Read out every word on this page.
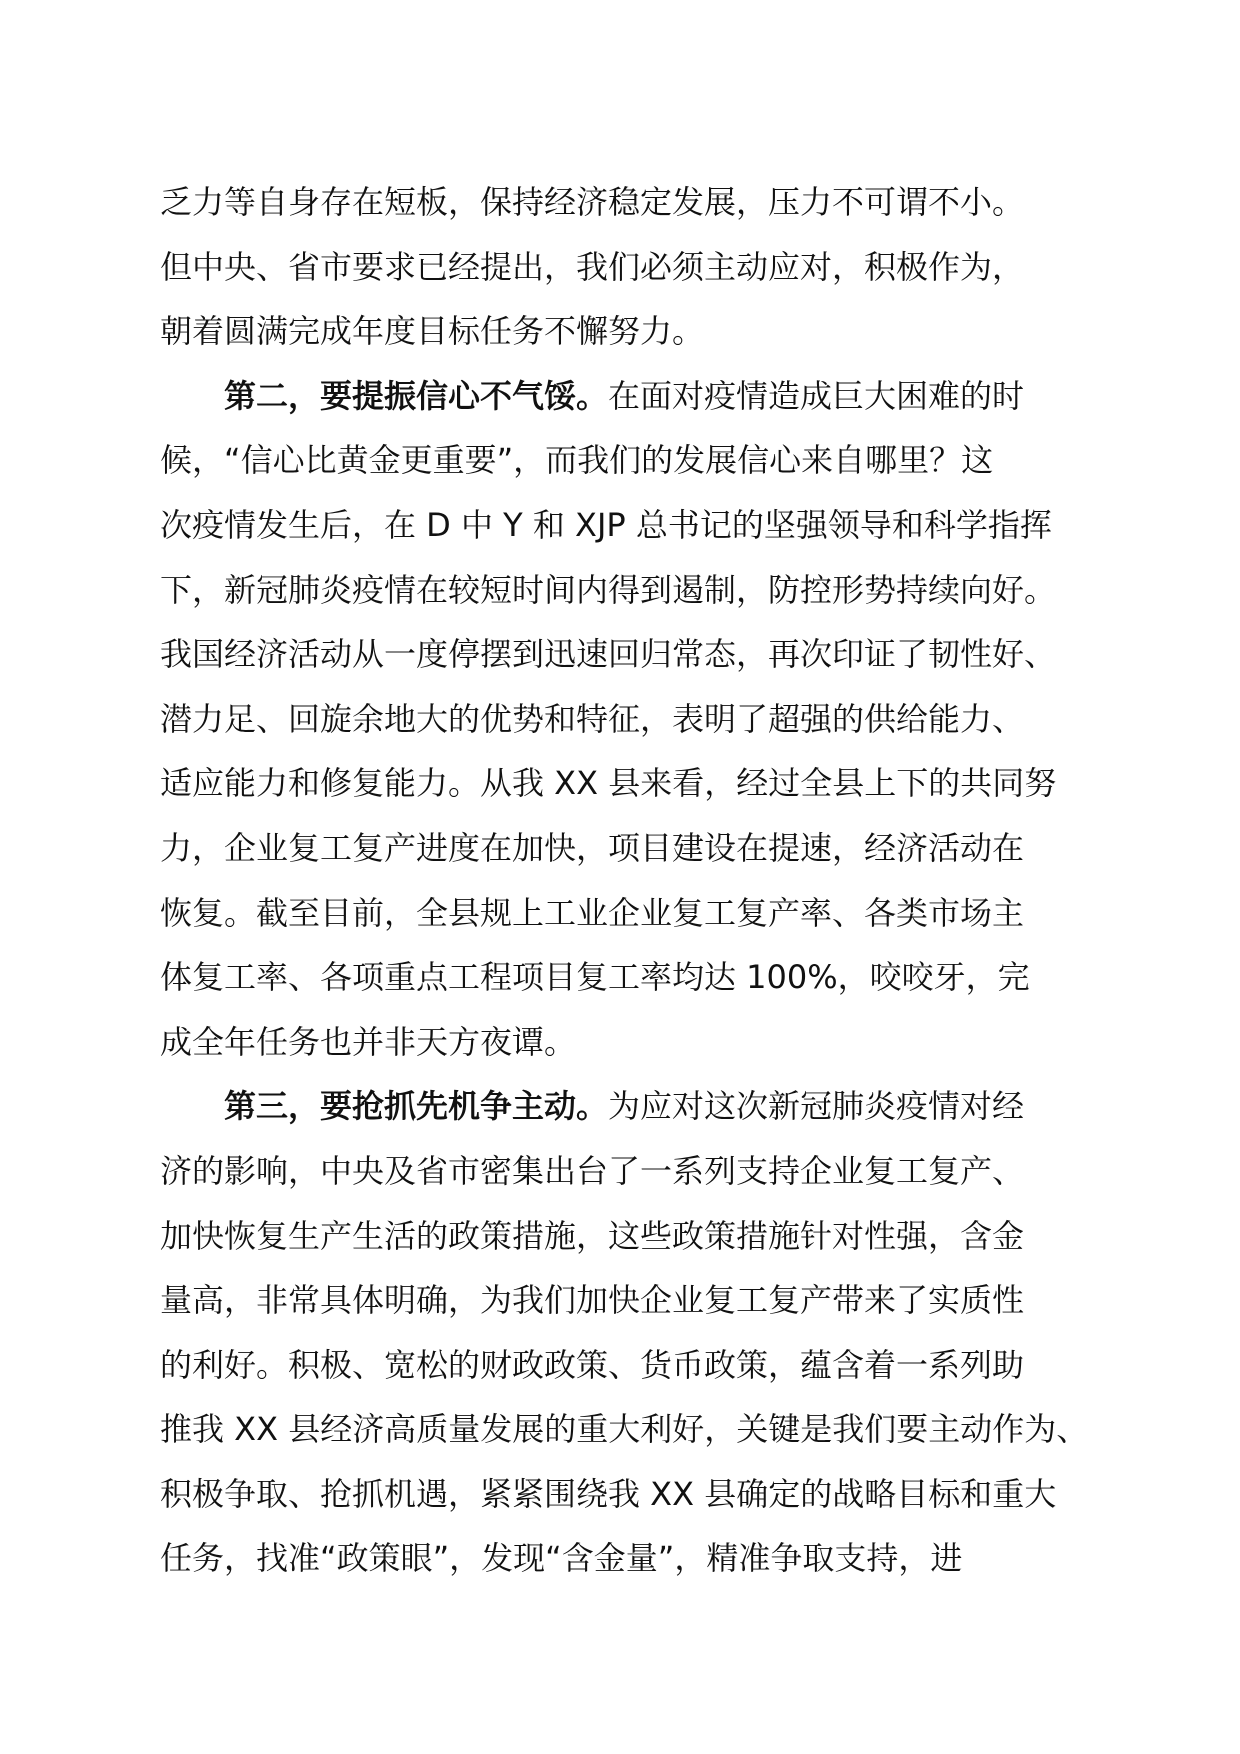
乏力等自身存在短板，保持经济稳定发展，压力不可谓不小。
但中央、省市要求已经提出，我们必须主动应对，积极作为，
朝着圆满完成年度目标任务不懈努力。
第二，要提振信心不气馁。在面对疫情造成巨大困难的时
候，“信心比黄金更重要”，而我们的发展信心来自哪里？这
次疫情发生后，在 D 中 Y 和 XJP 总书记的坚强领导和科学指挥
下，新冠肺炎疫情在较短时间内得到遏制，防控形势持续向好。
我国经济活动从一度停摆到迅速回归常态，再次印证了韧性好、
潜力足、回旋余地大的优势和特征，表明了超强的供给能力、
适应能力和修复能力。从我 XX 县来看，经过全县上下的共同努
力，企业复工复产进度在加快，项目建设在提速，经济活动在
恢复。截至目前，全县规上工业企业复工复产率、各类市场主
体复工率、各项重点工程项目复工率均达 100%，咬咬牙，完
成全年任务也并非天方夜谭。
第三，要抢抓先机争主动。为应对这次新冠肺炎疫情对经
济的影响，中央及省市密集出台了一系列支持企业复工复产、
加快恢复生产生活的政策措施，这些政策措施针对性强，含金
量高，非常具体明确，为我们加快企业复工复产带来了实质性
的利好。积极、宽松的财政政策、货币政策，蕴含着一系列助
推我 XX 县经济高质量发展的重大利好，关键是我们要主动作为、
积极争取、抢抓机遇，紧紧围绕我 XX 县确定的战略目标和重大
任务，找准“政策眼”，发现“含金量”，精准争取支持，进
